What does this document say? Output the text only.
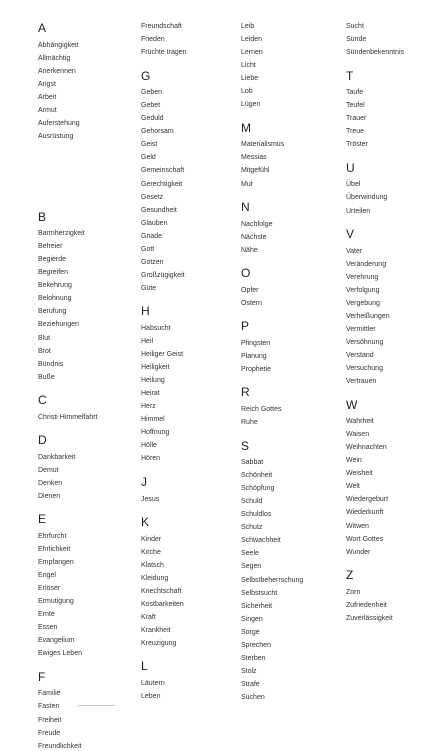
A
Abhängigkeit
Allmächtig
Anerkennen
Angst
Arbeit
Armut
Auferstehung
Ausrüstung
B
Barmherzigkeit
Befreier
Begierde
Begreifen
Bekehrung
Belohnung
Berufung
Beziehungen
Blut
Brot
Bündnis
Buße
C
Christi Himmelfahrt
D
Dankbarkeit
Demut
Denken
Dienen
E
Ehrfurcht
Ehrlichkeit
Empfangen
Engel
Erlöser
Ermutigung
Ernte
Essen
Evangelium
Ewiges Leben
F
Familie
Fasten
Freiheit
Freude
Freundlichkeit
Freundschaft
Frieden
Früchte tragen
G
Geben
Gebet
Geduld
Gehorsam
Geist
Geld
Gemeinschaft
Gerechtigkeit
Gesetz
Gesundheit
Glauben
Gnade
Gott
Götzen
Großzügigkeit
Güte
H
Habsucht
Heil
Heiliger Geist
Heiligkeit
Heilung
Heirat
Herz
Himmel
Hoffnung
Hölle
Hören
J
Jesus
K
Kinder
Kirche
Klatsch
Kleidung
Knechtschaft
Kostbarkeiten
Kraft
Krankheit
Kreuzigung
L
Läutern
Leben
Leib
Leiden
Lernen
Licht
Liebe
Lob
Lügen
M
Materialismus
Messias
Mitgefühl
Mut
N
Nachfolge
Nächste
Nähe
O
Opfer
Ostern
P
Pfingsten
Planung
Prophetie
R
Reich Gottes
Ruhe
S
Sabbat
Schönheit
Schöpfung
Schuld
Schuldlos
Schutz
Schwachheit
Seele
Segen
Selbstbeherrschung
Selbstsucht
Sicherheit
Singen
Sorge
Sprechen
Sterben
Stolz
Strafe
Suchen
Sucht
Sünde
Sündenbekenntnis
T
Taufe
Teufel
Trauer
Treue
Tröster
U
Übel
Überwindung
Urteilen
V
Vater
Veränderung
Verehrung
Verfolgung
Vergebung
Verheißungen
Vermittler
Versöhnung
Verstand
Versuchung
Vertrauen
W
Wahrheit
Waisen
Weihnachten
Wein
Weisheit
Welt
Wiedergeburt
Wiederkunft
Witwen
Wort Gottes
Wunder
Z
Zorn
Zufriedenheit
Zuverlässigkeit
